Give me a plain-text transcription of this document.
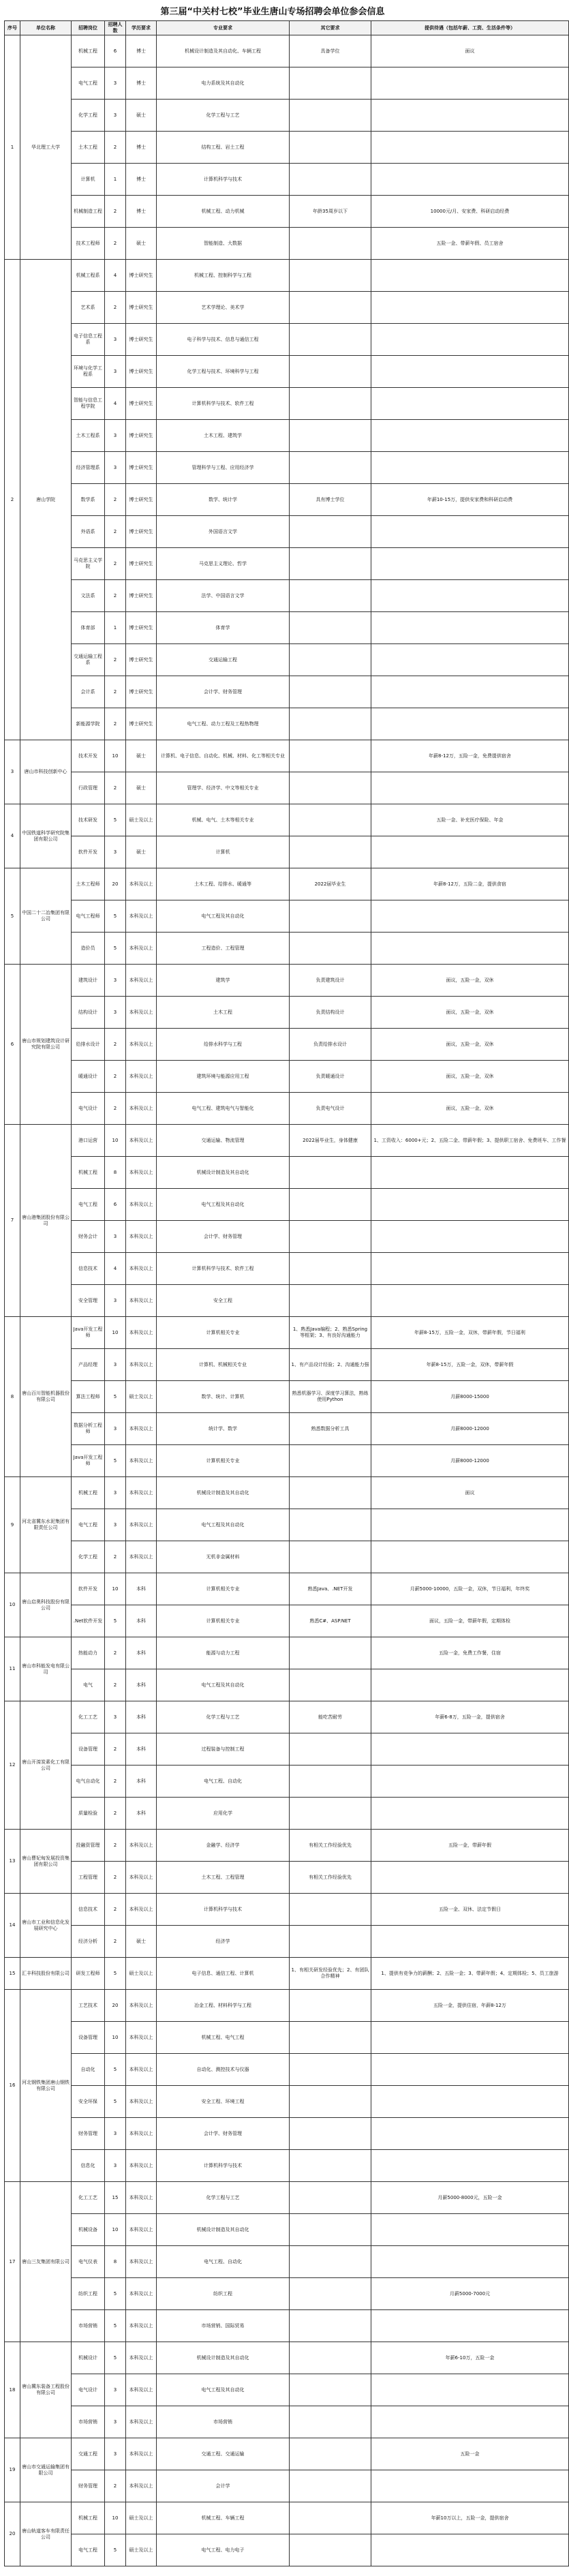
第三届“中关村七校”毕业生唐山专场招聘会单位参会信息
序号	单位名称	招聘岗位	招聘人数	学历要求	专业要求	其它要求	提供待遇（包括年薪、工资、生活条件等）
1	华北理工大学	机械工程	6	博士	机械设计制造及其自动化、车辆工程	具备学位	面议
		电气工程	3	博士	电力系统及其自动化		
		化学工程	3	硕士	化学工程与工艺		
		土木工程	2	博士	结构工程、岩土工程		
		计算机	1	博士	计算机科学与技术		
		机械制造工程	2	博士	机械工程、动力机械	年龄35周岁以下	10000元/月、安家费、科研启动经费
		技术工程师	2	硕士	智能制造、大数据		五险一金、带薪年假、员工宿舍
2	唐山学院	机械工程系	4	博士研究生	机械工程、控制科学与工程		
		艺术系	2	博士研究生	艺术学理论、美术学		
		电子信息工程系	3	博士研究生	电子科学与技术、信息与通信工程		
		环境与化学工程系	3	博士研究生	化学工程与技术、环境科学与工程		
		智能与信息工程学院	4	博士研究生	计算机科学与技术、软件工程		
		土木工程系	3	博士研究生	土木工程、建筑学		
		经济管理系	3	博士研究生	管理科学与工程、应用经济学		
		数学系	2	博士研究生	数学、统计学	具有博士学位	年薪10-15万，提供安家费和科研启动费
		外语系	2	博士研究生	外国语言文学		
		马克思主义学院	2	博士研究生	马克思主义理论、哲学		
		文法系	2	博士研究生	法学、中国语言文学		
		体育部	1	博士研究生	体育学		
		交通运输工程系	2	博士研究生	交通运输工程		
		会计系	2	博士研究生	会计学、财务管理		
		新能源学院	2	博士研究生	电气工程、动力工程及工程热物理		
3	唐山市科技创新中心	技术开发	10	硕士	计算机、电子信息、自动化、机械、材料、化工等相关专业		年薪8-12万，五险一金，免费提供宿舍
		行政管理	2	硕士	管理学、经济学、中文等相关专业		
4	中国铁道科学研究院集团有限公司	技术研发	5	硕士及以上	机械、电气、土木等相关专业		五险一金、补充医疗保险、年金
		软件开发	3	硕士	计算机		
5	中国二十二冶集团有限公司	土木工程师	20	本科及以上	土木工程、给排水、暖通等	2022届毕业生	年薪8-12万，五险二金，提供食宿
		电气工程师	5	本科及以上	电气工程及其自动化		
		造价员	5	本科及以上	工程造价、工程管理		
6	唐山市规划建筑设计研究院有限公司	建筑设计	3	本科及以上	建筑学	负责建筑设计	面议，五险一金，双休
		结构设计	3	本科及以上	土木工程	负责结构设计	面议，五险一金，双休
		给排水设计	2	本科及以上	给排水科学与工程	负责给排水设计	面议，五险一金，双休
		暖通设计	2	本科及以上	建筑环境与能源应用工程	负责暖通设计	面议，五险一金，双休
		电气设计	2	本科及以上	电气工程、建筑电气与智能化	负责电气设计	面议，五险一金，双休
7	唐山港集团股份有限公司	港口运营	10	本科及以上	交通运输、物流管理	2022届毕业生，身体健康	1、工资收入：6000+元；2、五险二金、带薪年假；3、提供职工宿舍、免费班车、工作餐
		机械工程	8	本科及以上	机械设计制造及其自动化		
		电气工程	6	本科及以上	电气工程及其自动化		
		财务会计	3	本科及以上	会计学、财务管理		
		信息技术	4	本科及以上	计算机科学与技术、软件工程		
		安全管理	3	本科及以上	安全工程		
8	唐山百川智能机器股份有限公司	Java开发工程师	10	本科及以上	计算机相关专业	1、熟悉Java编程；2、熟悉Spring等框架；3、有良好沟通能力	年薪8-15万，五险一金，双休，带薪年假，节日福利
		产品经理	3	本科及以上	计算机、机械相关专业	1、有产品设计经验；2、沟通能力强	年薪8-15万，五险一金，双休，带薪年假
		算法工程师	5	硕士及以上	数学、统计、计算机	熟悉机器学习、深度学习算法，熟练使用Python	月薪8000-15000
		数据分析工程师	3	本科及以上	统计学、数学	熟悉数据分析工具	月薪8000-12000
		Java开发工程师	5	本科及以上	计算机相关专业		月薪8000-12000
9	河北省冀东水泥集团有限责任公司	机械工程	3	本科及以上	机械设计制造及其自动化		面议
		电气工程	3	本科及以上	电气工程及其自动化		
		化学工程	2	本科及以上	无机非金属材料		
10	唐山启奥科技股份有限公司	软件开发	10	本科	计算机相关专业	熟悉Java、.NET开发	月薪5000-10000，五险一金，双休，节日福利，年终奖
		.Net软件开发	5	本科	计算机相关专业	熟悉C#、ASP.NET	面议，五险一金，带薪年假，定期体检
11	唐山市科能发电有限公司	热能动力	2	本科	能源与动力工程		五险一金，免费工作餐，住宿
		电气	2	本科	电气工程及其自动化		
12	唐山开滦炭素化工有限公司	化工工艺	3	本科	化学工程与工艺	能吃苦耐劳	年薪6-8万，五险一金，提供宿舍
		设备管理	2	本科	过程装备与控制工程		
		电气自动化	2	本科	电气工程、自动化		
		质量检验	2	本科	应用化学		
13	唐山曹妃甸发展投资集团有限公司	投融资管理	2	本科及以上	金融学、经济学	有相关工作经验优先	五险一金，带薪年假
		工程管理	2	本科及以上	土木工程、工程管理	有相关工作经验优先	
14	唐山市工业和信息化发展研究中心	信息技术	2	本科及以上	计算机科学与技术		五险一金、双休、法定节假日
		经济分析	2	硕士	经济学		
15	汇丰科技股份有限公司	研发工程师	5	硕士及以上	电子信息、通信工程、计算机	1、有相关研发经验优先；2、有团队合作精神	1、提供有竞争力的薪酬；2、五险一金；3、带薪年假；4、定期体检；5、员工旅游
16	河北钢铁集团唐山钢铁有限公司	工艺技术	20	本科及以上	冶金工程、材料科学与工程		五险一金，提供住宿，年薪8-12万
		设备管理	10	本科及以上	机械工程、电气工程		
		自动化	5	本科及以上	自动化、测控技术与仪器		
		安全环保	5	本科及以上	安全工程、环境工程		
		财务管理	3	本科及以上	会计学、财务管理		
		信息化	3	本科及以上	计算机科学与技术		
17	唐山三友集团有限公司	化工工艺	15	本科及以上	化学工程与工艺		月薪5000-8000元，五险一金
		机械设备	10	本科及以上	机械设计制造及其自动化		
		电气仪表	8	本科及以上	电气工程、自动化		
		纺织工程	5	本科及以上	纺织工程		月薪5000-7000元
		市场营销	5	本科及以上	市场营销、国际贸易		
18	唐山冀东装备工程股份有限公司	机械设计	5	本科及以上	机械设计制造及其自动化		年薪6-10万，五险一金
		电气设计	3	本科及以上	电气工程及其自动化		
		市场营销	3	本科及以上	市场营销		
19	唐山市交通运输集团有限公司	交通工程	3	本科及以上	交通工程、交通运输		五险一金
		财务管理	2	本科及以上	会计学		
20	唐山轨道客车有限责任公司	机械工程	10	硕士及以上	机械工程、车辆工程		年薪10万以上，五险一金，提供宿舍
		电气工程	5	硕士及以上	电气工程、电力电子		
